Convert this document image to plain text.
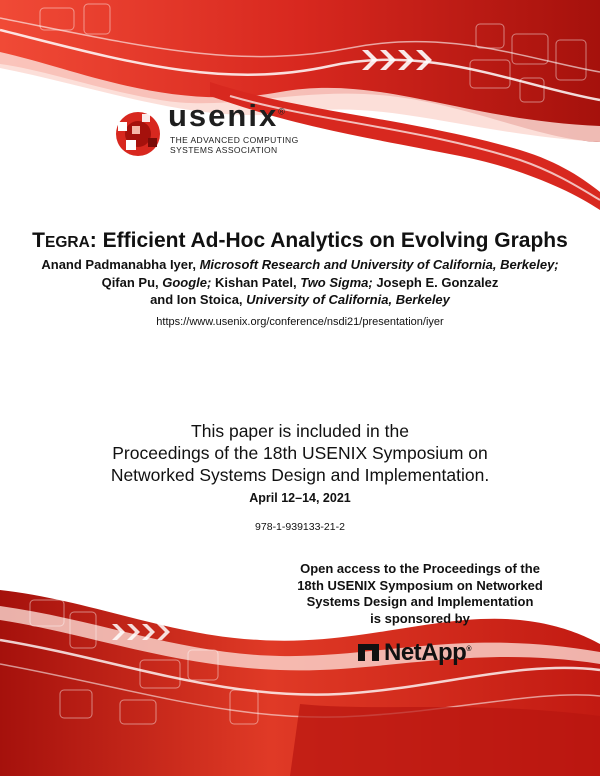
usenix®
THE ADVANCED COMPUTING SYSTEMS ASSOCIATION
TEGRA: Efficient Ad-Hoc Analytics on Evolving Graphs
Anand Padmanabha Iyer, Microsoft Research and University of California, Berkeley;
Qifan Pu, Google; Kishan Patel, Two Sigma; Joseph E. Gonzalez
and Ion Stoica, University of California, Berkeley
https://www.usenix.org/conference/nsdi21/presentation/iyer
This paper is included in the
Proceedings of the 18th USENIX Symposium on
Networked Systems Design and Implementation.
April 12–14, 2021
978-1-939133-21-2
Open access to the Proceedings of the
18th USENIX Symposium on Networked
Systems Design and Implementation
is sponsored by
NetApp®
